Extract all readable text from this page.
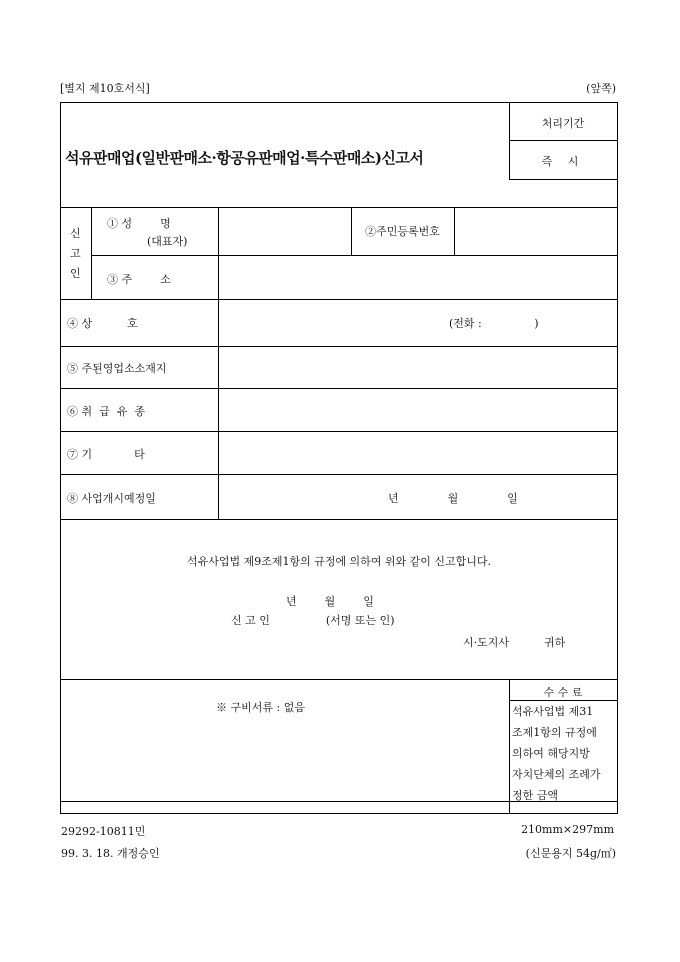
[별지 제10호서식]	(앞쪽)
석유판매업(일반판매소·항공유판매업·특수판매소)신고서
처리기간
즉 시
신
고
인
① 성        명
(대표자)
②주민등록번호
③ 주        소
④ 상          호	(전화 :               )
⑤ 주된영업소소재지
⑥ 취  급  유  종
⑦ 기            타
⑧ 사업개시예정일	년              월              일
석유사업법 제9조제1항의 규정에 의하여 위와 같이 신고합니다.
년        월        일
신 고 인                (서명 또는 인)
시·도지사          귀하
※ 구비서류 : 없음
수 수 료
석유사업법 제31
조제1항의 규정에
의하여 해당지방
자치단체의 조례가
정한 금액
29292-10811민
99. 3. 18. 개정승인
210mm×297mm
(신문용지 54g/㎡)
